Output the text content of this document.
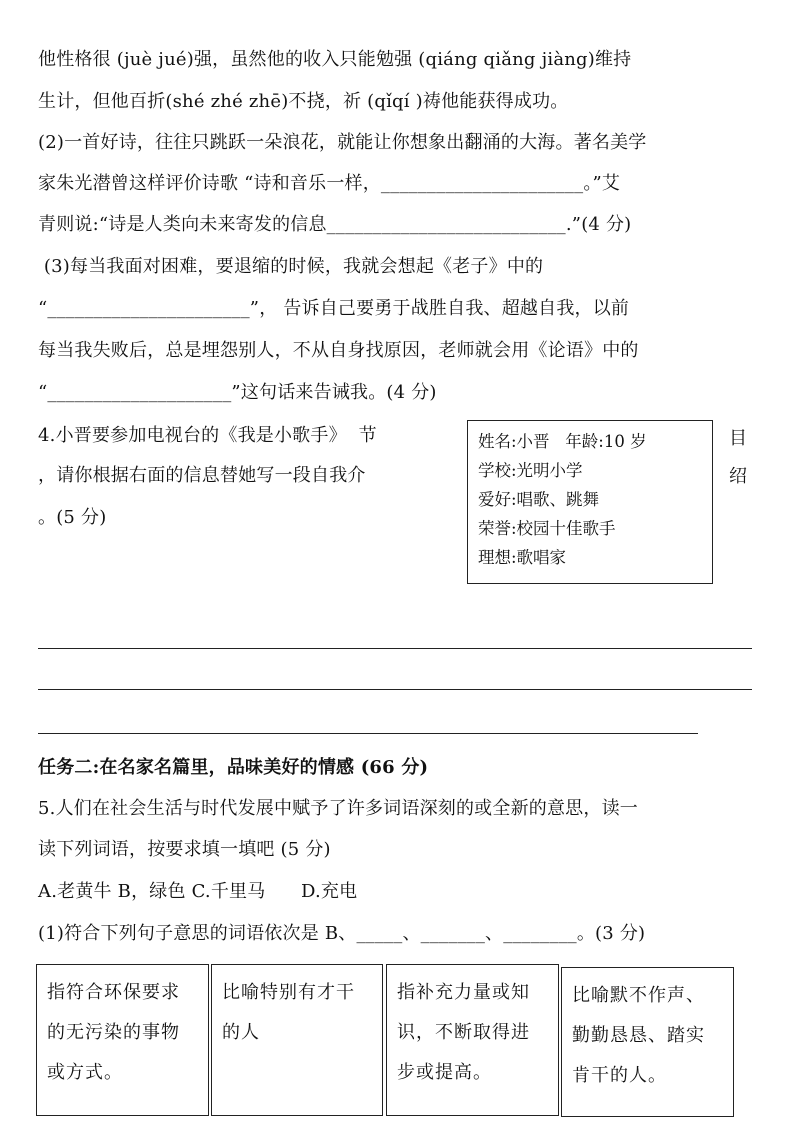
他性格很 (juè jué)强，虽然他的收入只能勉强 (qiáng qiǎng jiàng)维持
生计，但他百折(shé zhé zhē)不挠，祈 (qǐqí )祷他能获得成功。
(2)一首好诗，往往只跳跃一朵浪花，就能让你想象出翻涌的大海。著名美学
家朱光潜曾这样评价诗歌 “诗和音乐一样，______________________。”艾
青则说:“诗是人类向未来寄发的信息__________________________.”(4 分)
(3)每当我面对困难，要退缩的时候，我就会想起《老子》中的
“______________________”， 告诉自己要勇于战胜自我、超越自我，以前
每当我失败后，总是埋怨别人，不从自身找原因，老师就会用《论语》中的
“____________________”这句话来告诫我。(4 分)
4.小晋要参加电视台的《我是小歌手》  节
，请你根据右面的信息替她写一段自我介
。(5 分)
姓名:小晋   年龄:10 岁
学校:光明小学
爱好:唱歌、跳舞
荣誉:校园十佳歌手
理想:歌唱家
目
绍
任务二:在名家名篇里，品味美好的情感 (66 分)
5.人们在社会生活与时代发展中赋予了许多词语深刻的或全新的意思，读一
读下列词语，按要求填一填吧 (5 分)
A.老黄牛 B，绿色 C.千里马      D.充电
(1)符合下列句子意思的词语依次是 B、_____、_______、________。(3 分)
指符合环保要求
的无污染的事物
或方式。
比喻特别有才干
的人
指补充力量或知
识，不断取得进
步或提高。
比喻默不作声、
勤勤恳恳、踏实
肯干的人。
